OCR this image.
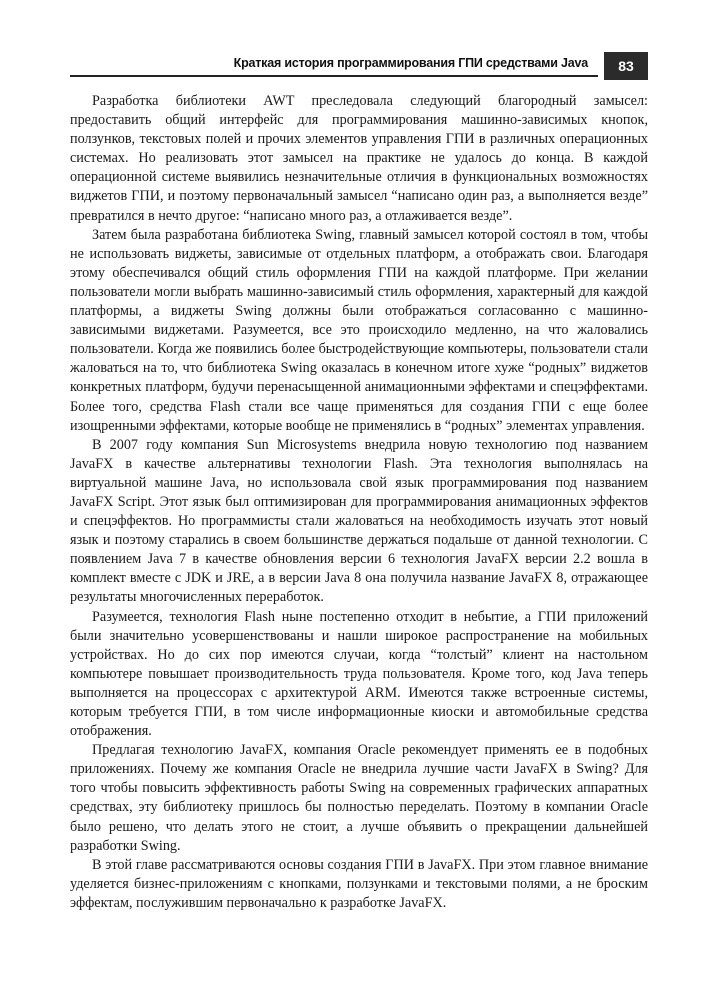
Краткая история программирования ГПИ средствами Java	83

Разработка библиотеки AWT преследовала следующий благородный замысел: предоставить общий интерфейс для программирования машинно-зависимых кнопок, ползунков, текстовых полей и прочих элементов управления ГПИ в различных операционных системах. Но реализовать этот замысел на практике не удалось до конца. В каждой операционной системе выявились незначительные отличия в функциональных возможностях виджетов ГПИ, и поэтому первоначальный замысел “написано один раз, а выполняется везде” превратился в нечто другое: “написано много раз, а отлаживается везде”.

Затем была разработана библиотека Swing, главный замысел которой состоял в том, чтобы не использовать виджеты, зависимые от отдельных платформ, а отображать свои. Благодаря этому обеспечивался общий стиль оформления ГПИ на каждой платформе. При желании пользователи могли выбрать машинно-зависимый стиль оформления, характерный для каждой платформы, а виджеты Swing должны были отображаться согласованно с машинно-зависимыми виджетами. Разумеется, все это происходило медленно, на что жаловались пользователи. Когда же появились более быстродействующие компьютеры, пользователи стали жаловаться на то, что библиотека Swing оказалась в конечном итоге хуже “родных” виджетов конкретных платформ, будучи перенасыщенной анимационными эффектами и спецэффектами. Более того, средства Flash стали все чаще применяться для создания ГПИ с еще более изощренными эффектами, которые вообще не применялись в “родных” элементах управления.

В 2007 году компания Sun Microsystems внедрила новую технологию под названием JavaFX в качестве альтернативы технологии Flash. Эта технология выполнялась на виртуальной машине Java, но использовала свой язык программирования под названием JavaFX Script. Этот язык был оптимизирован для программирования анимационных эффектов и спецэффектов. Но программисты стали жаловаться на необходимость изучать этот новый язык и поэтому старались в своем большинстве держаться подальше от данной технологии. С появлением Java 7 в качестве обновления версии 6 технология JavaFX версии 2.2 вошла в комплект вместе с JDK и JRE, а в версии Java 8 она получила название JavaFX 8, отражающее результаты многочисленных переработок.

Разумеется, технология Flash ныне постепенно отходит в небытие, а ГПИ приложений были значительно усовершенствованы и нашли широкое распространение на мобильных устройствах. Но до сих пор имеются случаи, когда “толстый” клиент на настольном компьютере повышает производительность труда пользователя. Кроме того, код Java теперь выполняется на процессорах с архитектурой ARM. Имеются также встроенные системы, которым требуется ГПИ, в том числе информационные киоски и автомобильные средства отображения.

Предлагая технологию JavaFX, компания Oracle рекомендует применять ее в подобных приложениях. Почему же компания Oracle не внедрила лучшие части JavaFX в Swing? Для того чтобы повысить эффективность работы Swing на современных графических аппаратных средствах, эту библиотеку пришлось бы полностью переделать. Поэтому в компании Oracle было решено, что делать этого не стоит, а лучше объявить о прекращении дальнейшей разработки Swing.

В этой главе рассматриваются основы создания ГПИ в JavaFX. При этом главное внимание уделяется бизнес-приложениям с кнопками, ползунками и текстовыми полями, а не броским эффектам, послужившим первоначально к разработке JavaFX.
